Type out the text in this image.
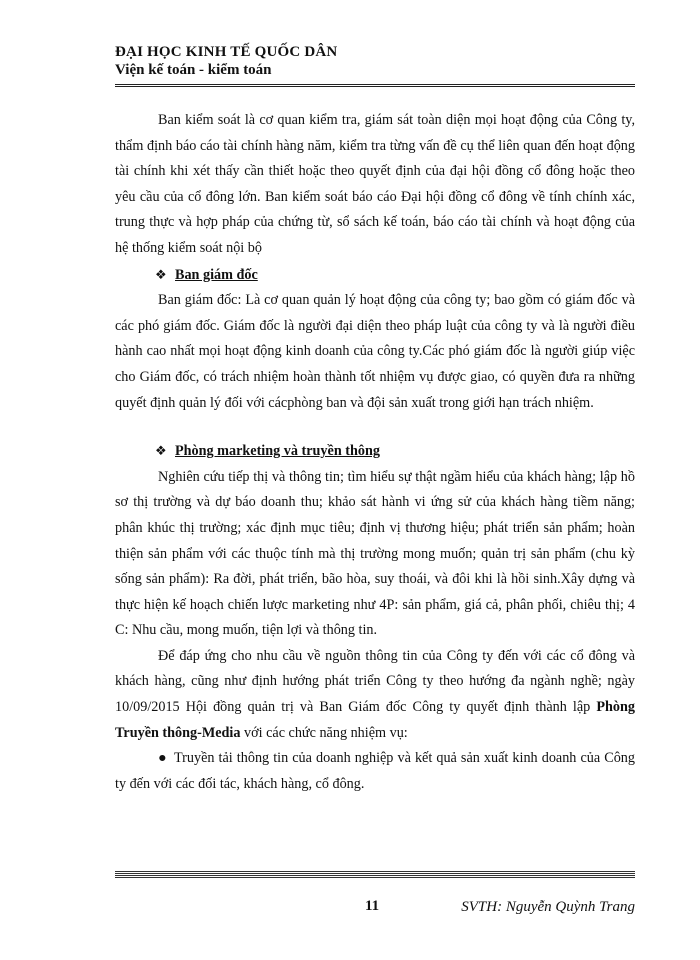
ĐẠI HỌC KINH TẾ QUỐC DÂN
Viện kế toán - kiểm toán

Ban kiểm soát là cơ quan kiểm tra, giám sát toàn diện mọi hoạt động của Công ty, thẩm định báo cáo tài chính hàng năm, kiểm tra từng vấn đề cụ thể liên quan đến hoạt động tài chính khi xét thấy cần thiết hoặc theo quyết định của đại hội đồng cổ đông hoặc theo yêu cầu của cổ đông lớn. Ban kiểm soát báo cáo Đại hội đồng cổ đông về tính chính xác, trung thực và hợp pháp của chứng từ, sổ sách kế toán, báo cáo tài chính và hoạt động của hệ thống kiểm soát nội bộ

❖ Ban giám đốc

Ban giám đốc: Là cơ quan quản lý hoạt động của công ty; bao gồm có giám đốc và các phó giám đốc. Giám đốc là người đại diện theo pháp luật của công ty và là người điều hành cao nhất mọi hoạt động kinh doanh của công ty.Các phó giám đốc là người giúp việc cho Giám đốc, có trách nhiệm hoàn thành tốt nhiệm vụ được giao, có quyền đưa ra những quyết định quản lý đối với cácphòng ban và đội sản xuất trong giới hạn trách nhiệm.

❖ Phòng marketing và truyền thông

Nghiên cứu tiếp thị và thông tin; tìm hiểu sự thật ngầm hiểu của khách hàng; lập hồ sơ thị trường và dự báo doanh thu; khảo sát hành vi ứng sử của khách hàng tiềm năng; phân khúc thị trường; xác định mục tiêu; định vị thương hiệu; phát triển sản phẩm; hoàn thiện sản phẩm với các thuộc tính mà thị trường mong muốn; quản trị sản phẩm (chu kỳ sống sản phẩm): Ra đời, phát triển, bão hòa, suy thoái, và đôi khi là hồi sinh.Xây dựng và thực hiện kế hoạch chiến lược marketing như 4P: sản phẩm, giá cả, phân phối, chiêu thị; 4 C: Nhu cầu, mong muốn, tiện lợi và thông tin.

Để đáp ứng cho nhu cầu về nguồn thông tin của Công ty đến với các cổ đông và khách hàng, cũng như định hướng phát triển Công ty theo hướng đa ngành nghề; ngày 10/09/2015 Hội đồng quản trị và Ban Giám đốc Công ty quyết định thành lập Phòng Truyền thông-Media với các chức năng nhiệm vụ:

● Truyền tải thông tin của doanh nghiệp và kết quả sản xuất kinh doanh của Công ty đến với các đối tác, khách hàng, cổ đông.

11	SVTH: Nguyễn Quỳnh Trang
